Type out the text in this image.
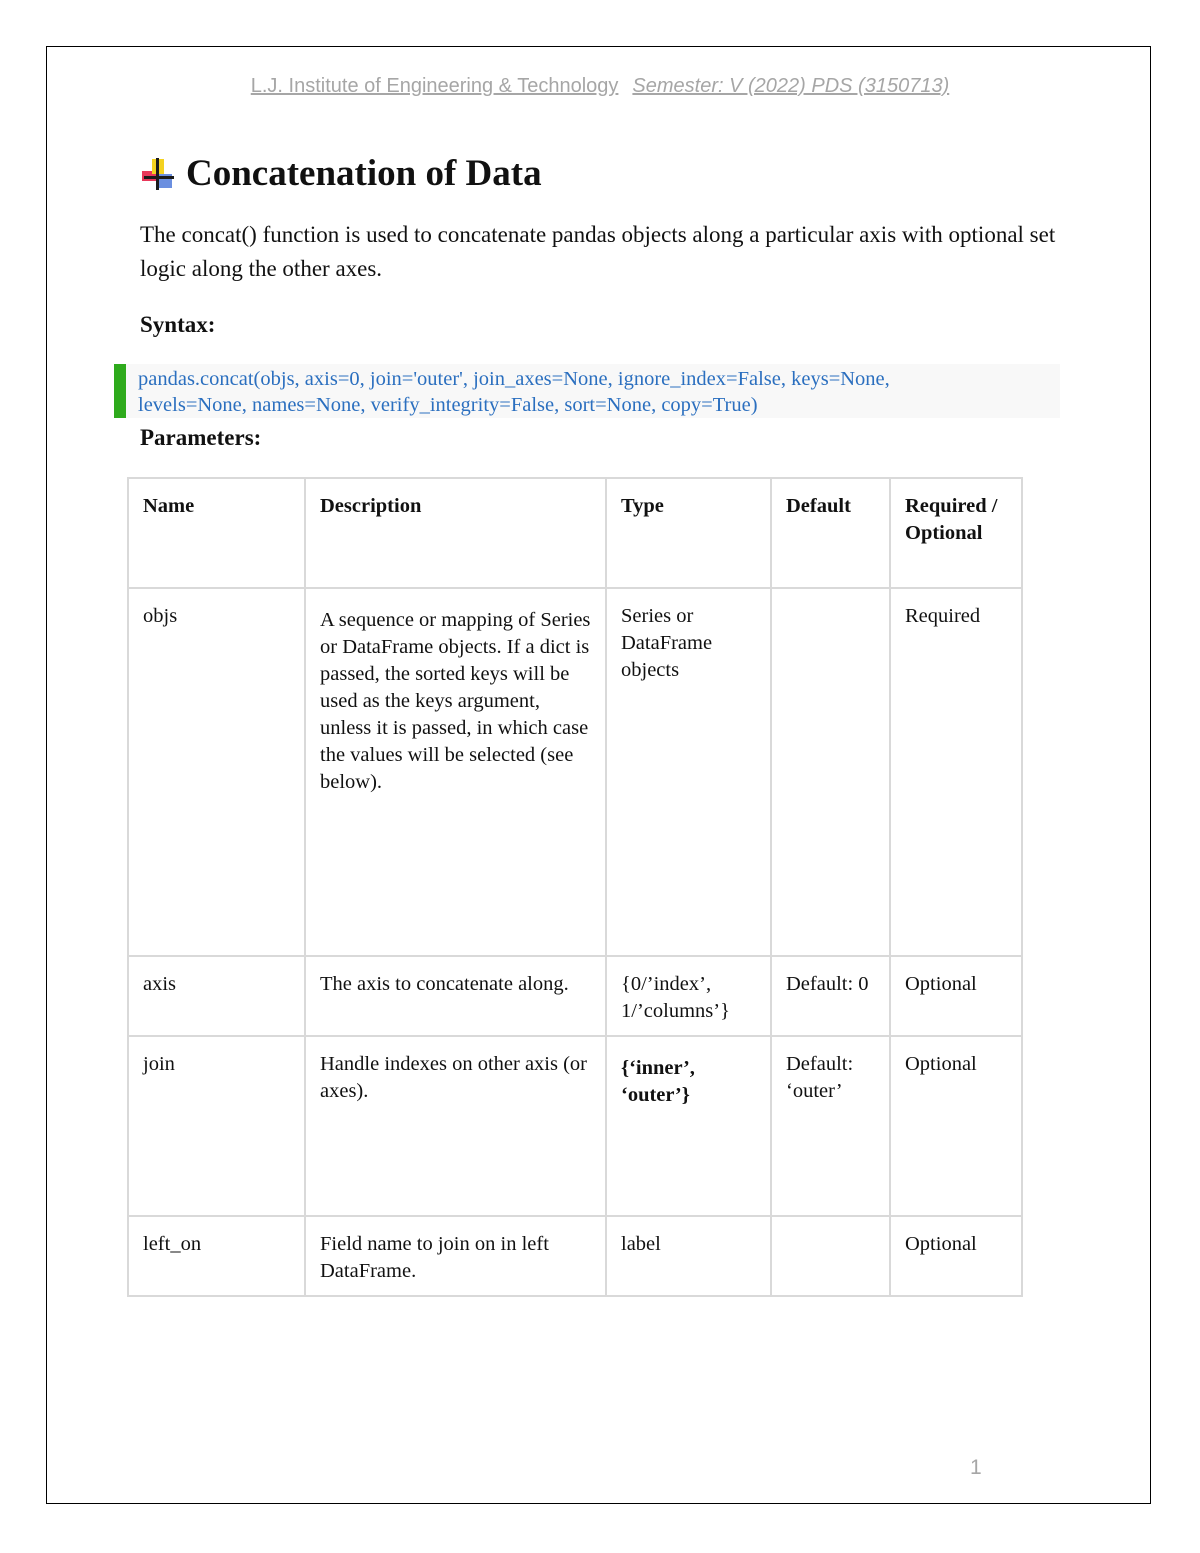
L.J. Institute of Engineering & Technology Semester: V (2022) PDS (3150713)
Concatenation of Data
The concat() function is used to concatenate pandas objects along a particular axis with optional set logic along the other axes.
Syntax:
pandas.concat(objs, axis=0, join='outer', join_axes=None, ignore_index=False, keys=None,
levels=None, names=None, verify_integrity=False, sort=None, copy=True)
Parameters:
Name	Description	Type	Default	Required / Optional
objs	A sequence or mapping of Series or DataFrame objects. If a dict is passed, the sorted keys will be used as the keys argument, unless it is passed, in which case the values will be selected (see below).	Series or DataFrame objects		Required
axis	The axis to concatenate along.	{0/’index’, 1/’columns’}	Default: 0	Optional
join	Handle indexes on other axis (or axes).	{‘inner’, ‘outer’}	Default: ‘outer’	Optional
left_on	Field name to join on in left DataFrame.	label		Optional
1
